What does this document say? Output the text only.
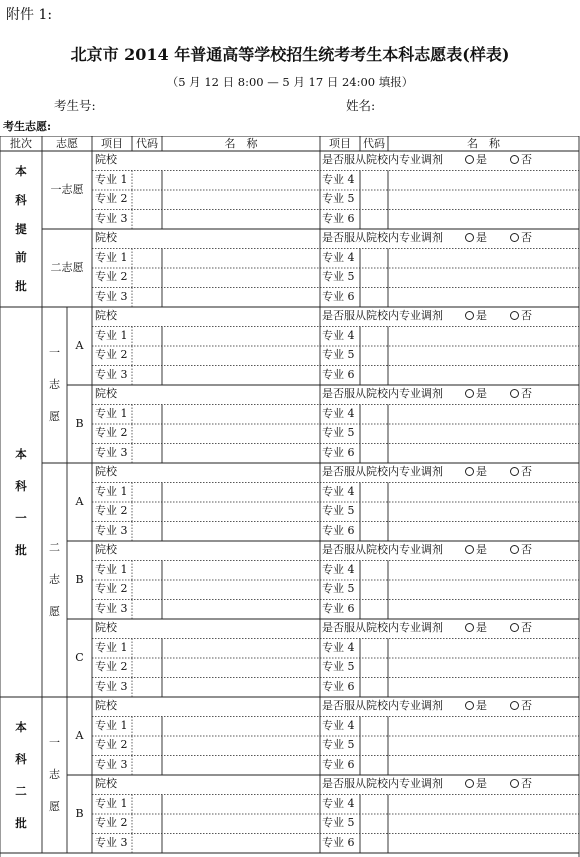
附件 1:
北京市 2014 年普通高等学校招生统考考生本科志愿表(样表)
（5 月 12 日 8:00 — 5 月 17 日 24:00 填报）
考生号:	姓名:
考生志愿:
批次	志愿	项目	代码	名　称	项目	代码	名　称
本
科
提
前
批
一志愿
院校	是否服从院校内专业调剂	是	否
专业 1	专业 4
专业 2	专业 5
专业 3	专业 6
二志愿
院校	是否服从院校内专业调剂	是	否
专业 1	专业 4
专业 2	专业 5
专业 3	专业 6
本
科
一
批
一
志
愿
A
院校	是否服从院校内专业调剂	是	否
专业 1	专业 4
专业 2	专业 5
专业 3	专业 6
B
院校	是否服从院校内专业调剂	是	否
专业 1	专业 4
专业 2	专业 5
专业 3	专业 6
二
志
愿
A
院校	是否服从院校内专业调剂	是	否
专业 1	专业 4
专业 2	专业 5
专业 3	专业 6
B
院校	是否服从院校内专业调剂	是	否
专业 1	专业 4
专业 2	专业 5
专业 3	专业 6
C
院校	是否服从院校内专业调剂	是	否
专业 1	专业 4
专业 2	专业 5
专业 3	专业 6
本
科
二
批
一
志
愿
A
院校	是否服从院校内专业调剂	是	否
专业 1	专业 4
专业 2	专业 5
专业 3	专业 6
B
院校	是否服从院校内专业调剂	是	否
专业 1	专业 4
专业 2	专业 5
专业 3	专业 6
